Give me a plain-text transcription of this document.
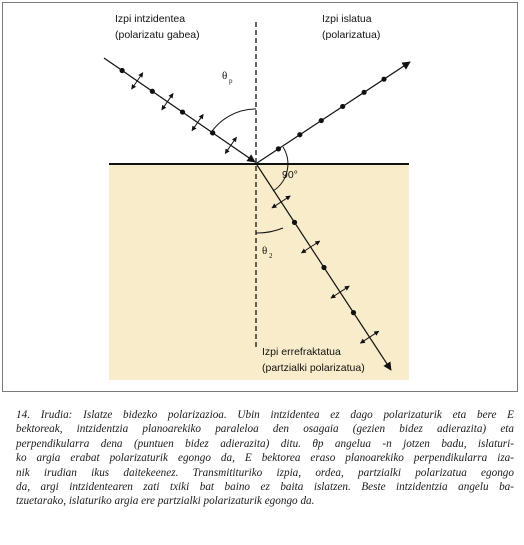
Izpi intzidentea
(polarizatu gabea)
Izpi islatua
(polarizatua)
Izpi errefraktatua
(partzialki polarizatua)
θ p
θ 2
90°
14. Irudia: Islatze bidezko polarizazioa. Ubin intzidentea ez dago polarizaturik eta bere E
bektoreak, intzidentzia planoarekiko paraleloa den osagaia (gezien bidez adierazita) eta
perpendikularra dena (puntuen bidez adierazita) ditu. θp angelua -n jotzen badu, islaturi-
ko argia erabat polarizaturik egongo da, E bektorea eraso planoarekiko perpendikularra iza-
nik irudian ikus daitekeenez. Transmitituriko izpia, ordea, partzialki polarizatua egongo
da, argi intzidentearen zati txiki bat baino ez baita islatzen. Beste intzidentzia angelu ba-
tzuetarako, islaturiko argia ere partzialki polarizaturik egongo da.
